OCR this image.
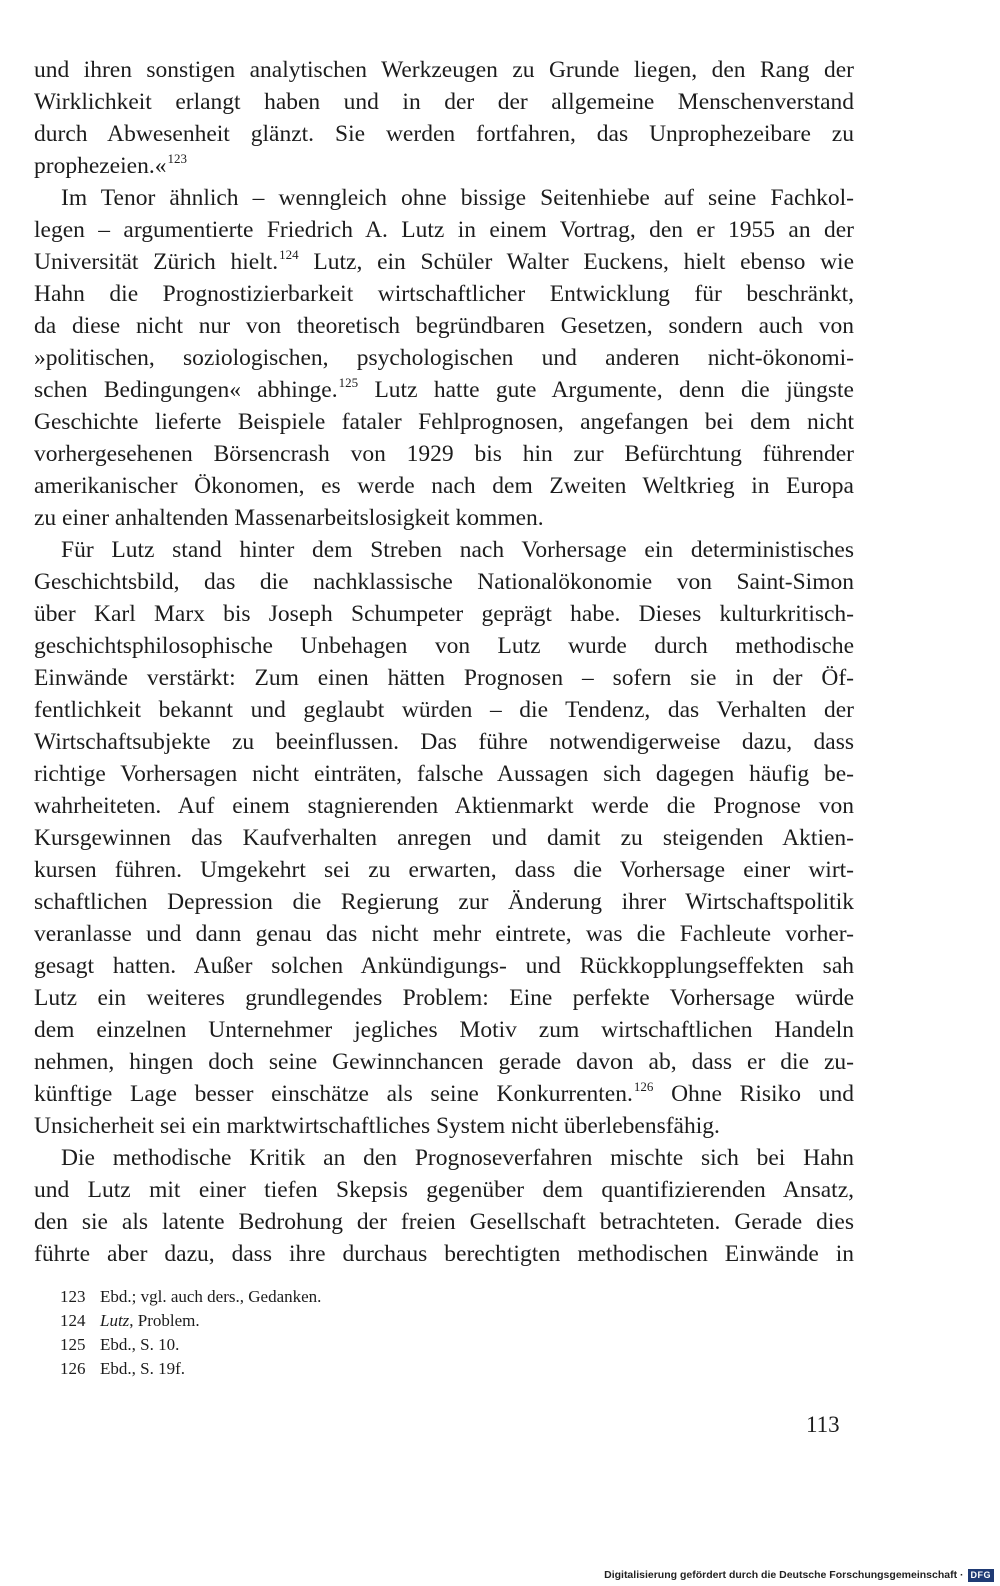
und ihren sonstigen analytischen Werkzeugen zu Grunde liegen, den Rang der
Wirklichkeit erlangt haben und in der der allgemeine Menschenverstand
durch Abwesenheit glänzt. Sie werden fortfahren, das Unprophezeibare zu
prophezeien.«$^{123}$
Im Tenor ähnlich – wenngleich ohne bissige Seitenhiebe auf seine Fachkol-
legen – argumentierte Friedrich A. Lutz in einem Vortrag, den er 1955 an der
Universität Zürich hielt.$^{124}$ Lutz, ein Schüler Walter Euckens, hielt ebenso wie
Hahn die Prognostizierbarkeit wirtschaftlicher Entwicklung für beschränkt,
da diese nicht nur von theoretisch begründbaren Gesetzen, sondern auch von
»politischen, soziologischen, psychologischen und anderen nicht-ökonomi-
schen Bedingungen« abhinge.$^{125}$ Lutz hatte gute Argumente, denn die jüngste
Geschichte lieferte Beispiele fataler Fehlprognosen, angefangen bei dem nicht
vorhergesehenen Börsencrash von 1929 bis hin zur Befürchtung führender
amerikanischer Ökonomen, es werde nach dem Zweiten Weltkrieg in Europa
zu einer anhaltenden Massenarbeitslosigkeit kommen.
Für Lutz stand hinter dem Streben nach Vorhersage ein deterministisches
Geschichtsbild, das die nachklassische Nationalökonomie von Saint-Simon
über Karl Marx bis Joseph Schumpeter geprägt habe. Dieses kulturkritisch-
geschichtsphilosophische Unbehagen von Lutz wurde durch methodische
Einwände verstärkt: Zum einen hätten Prognosen – sofern sie in der Öf-
fentlichkeit bekannt und geglaubt würden – die Tendenz, das Verhalten der
Wirtschaftsubjekte zu beeinflussen. Das führe notwendigerweise dazu, dass
richtige Vorhersagen nicht einträten, falsche Aussagen sich dagegen häufig be-
wahrheiteten. Auf einem stagnierenden Aktienmarkt werde die Prognose von
Kursgewinnen das Kaufverhalten anregen und damit zu steigenden Aktien-
kursen führen. Umgekehrt sei zu erwarten, dass die Vorhersage einer wirt-
schaftlichen Depression die Regierung zur Änderung ihrer Wirtschaftspolitik
veranlasse und dann genau das nicht mehr eintrete, was die Fachleute vorher-
gesagt hatten. Außer solchen Ankündigungs- und Rückkopplungseffekten sah
Lutz ein weiteres grundlegendes Problem: Eine perfekte Vorhersage würde
dem einzelnen Unternehmer jegliches Motiv zum wirtschaftlichen Handeln
nehmen, hingen doch seine Gewinnchancen gerade davon ab, dass er die zu-
künftige Lage besser einschätze als seine Konkurrenten.$^{126}$ Ohne Risiko und
Unsicherheit sei ein marktwirtschaftliches System nicht überlebensfähig.
Die methodische Kritik an den Prognoseverfahren mischte sich bei Hahn
und Lutz mit einer tiefen Skepsis gegenüber dem quantifizierenden Ansatz,
den sie als latente Bedrohung der freien Gesellschaft betrachteten. Gerade dies
führte aber dazu, dass ihre durchaus berechtigten methodischen Einwände in
123 Ebd.; vgl. auch ders., Gedanken.
124 Lutz, Problem.
125 Ebd., S. 10.
126 Ebd., S. 19f.
113
Digitalisierung gefördert durch die Deutsche Forschungsgemeinschaft · DFG
